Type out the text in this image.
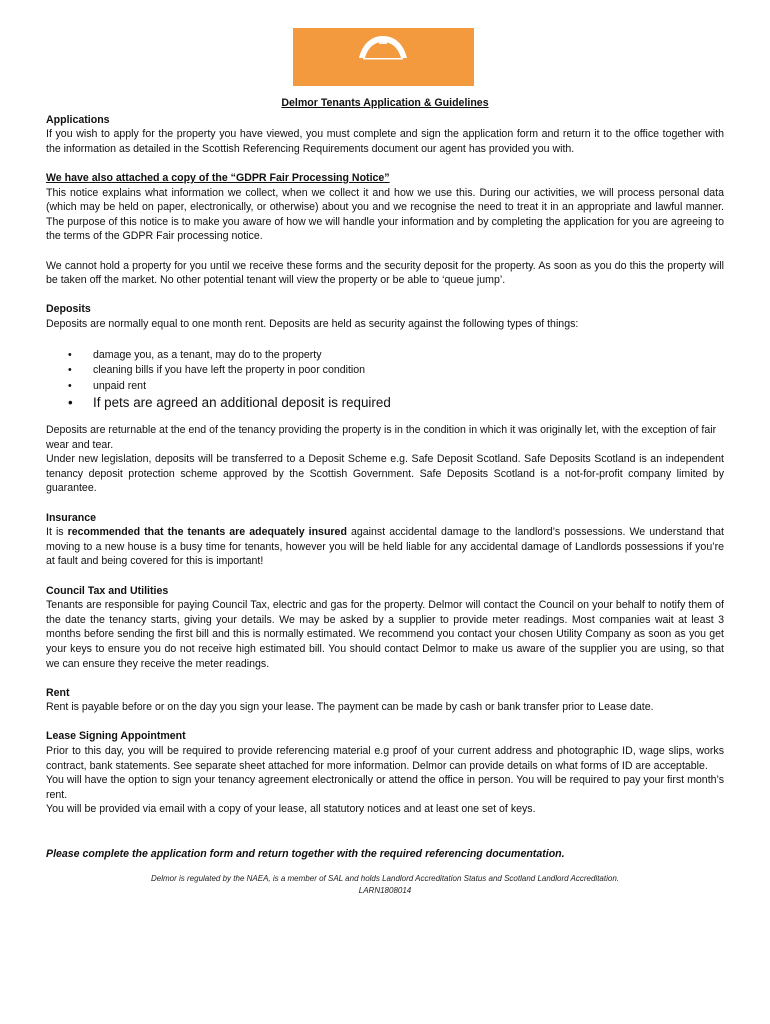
Delmor Tenants Application & Guidelines
Applications

If you wish to apply for the property you have viewed, you must complete and sign the application form and return it to the office together with the information as detailed in the Scottish Referencing Requirements document our agent has provided you with.

We have also attached a copy of the “GDPR Fair Processing Notice”

This notice explains what information we collect, when we collect it and how we use this. During our activities, we will process personal data (which may be held on paper, electronically, or otherwise) about you and we recognise the need to treat it in an appropriate and lawful manner. The purpose of this notice is to make you aware of how we will handle your information and by completing the application for you are agreeing to the terms of the GDPR Fair processing notice.

We cannot hold a property for you until we receive these forms and the security deposit for the property. As soon as you do this the property will be taken off the market. No other potential tenant will view the property or be able to ‘queue jump’.

Deposits

Deposits are normally equal to one month rent. Deposits are held as security against the following types of things:

• damage you, as a tenant, may do to the property
• cleaning bills if you have left the property in poor condition
• unpaid rent
• If pets are agreed an additional deposit is required

Deposits are returnable at the end of the tenancy providing the property is in the condition in which it was originally let, with the exception of fair wear and tear.

Under new legislation, deposits will be transferred to a Deposit Scheme e.g. Safe Deposit Scotland. Safe Deposits Scotland is an independent tenancy deposit protection scheme approved by the Scottish Government. Safe Deposits Scotland is a not-for-profit company limited by guarantee.

Insurance

It is recommended that the tenants are adequately insured against accidental damage to the landlord’s possessions. We understand that moving to a new house is a busy time for tenants, however you will be held liable for any accidental damage of Landlords possessions if you’re at fault and being covered for this is important!

Council Tax and Utilities

Tenants are responsible for paying Council Tax, electric and gas for the property. Delmor will contact the Council on your behalf to notify them of the date the tenancy starts, giving your details. We may be asked by a supplier to provide meter readings. Most companies wait at least 3 months before sending the first bill and this is normally estimated. We recommend you contact your chosen Utility Company as soon as you get your keys to ensure you do not receive high estimated bill. You should contact Delmor to make us aware of the supplier you are using, so that we can ensure they receive the meter readings.

Rent

Rent is payable before or on the day you sign your lease. The payment can be made by cash or bank transfer prior to Lease date.

Lease Signing Appointment

Prior to this day, you will be required to provide referencing material e.g proof of your current address and photographic ID, wage slips, works contract, bank statements. See separate sheet attached for more information. Delmor can provide details on what forms of ID are acceptable.

You will have the option to sign your tenancy agreement electronically or attend the office in person. You will be required to pay your first month’s rent.

You will be provided via email with a copy of your lease, all statutory notices and at least one set of keys.

Please complete the application form and return together with the required referencing documentation.
Delmor is regulated by the NAEA, is a member of SAL and holds Landlord Accreditation Status and Scotland Landlord Accreditation.
LARN1808014
